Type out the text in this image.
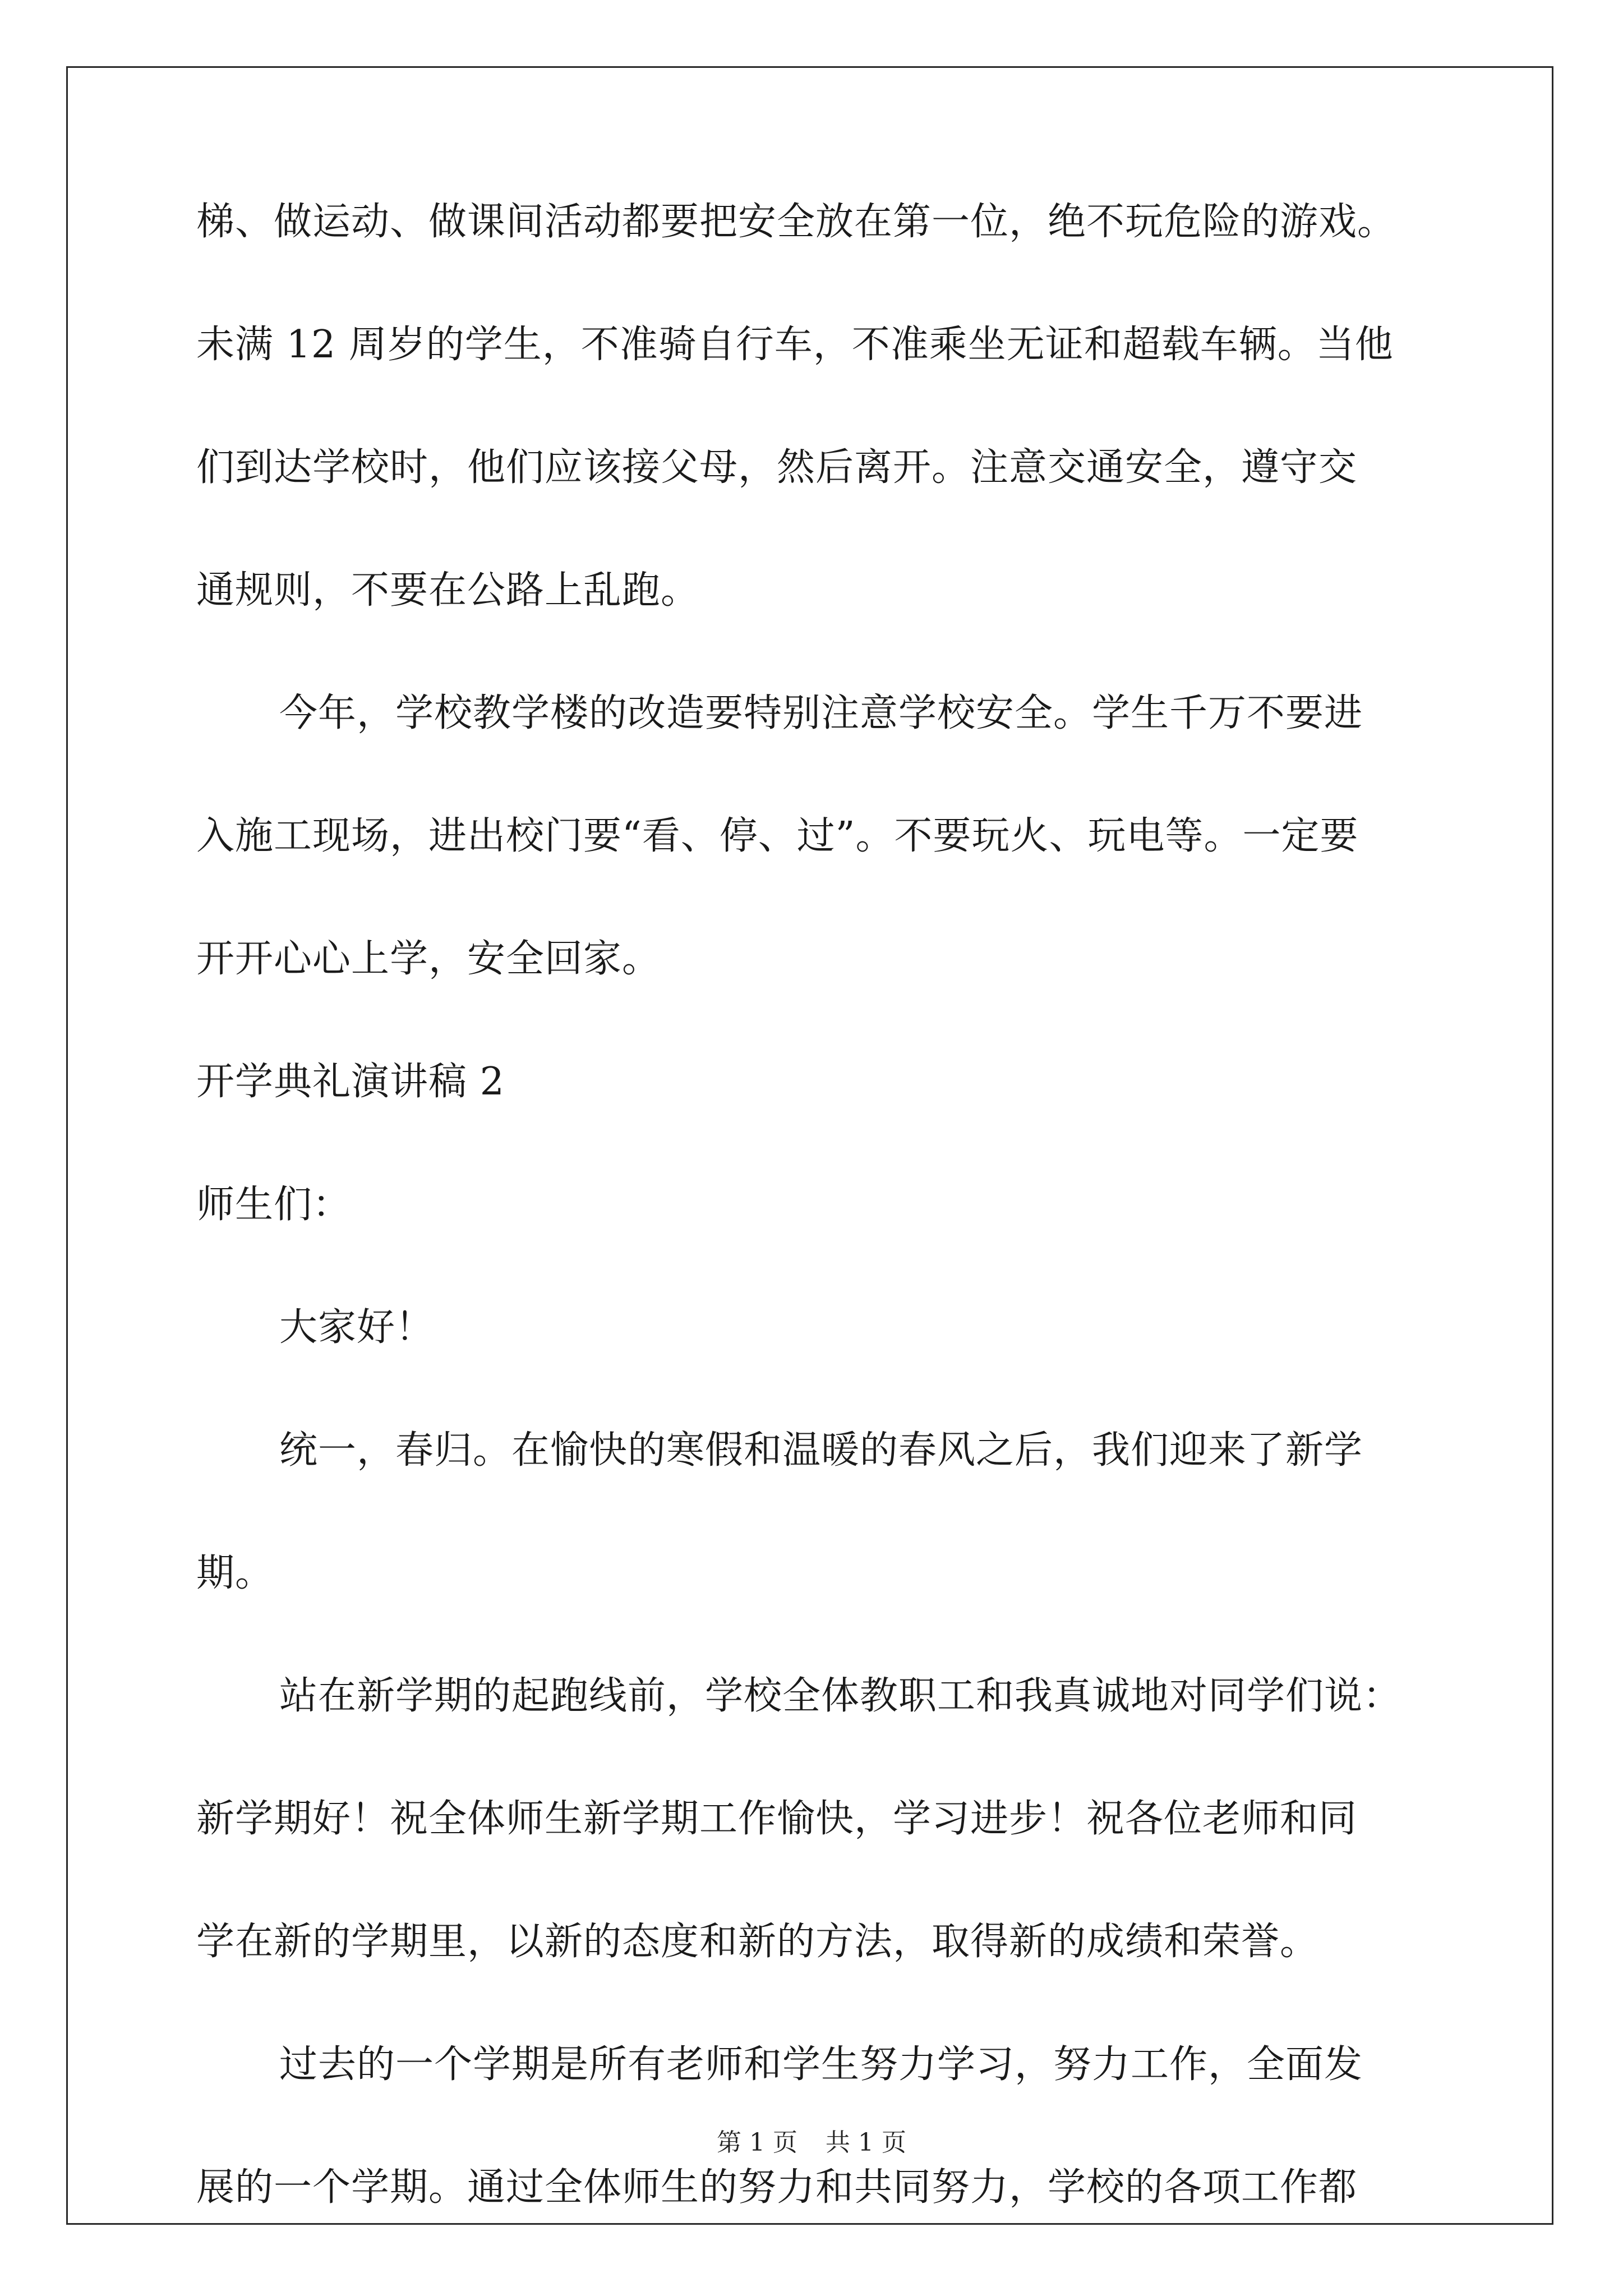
梯、做运动、做课间活动都要把安全放在第一位，绝不玩危险的游戏。
未满 12 周岁的学生，不准骑自行车，不准乘坐无证和超载车辆。当他
们到达学校时，他们应该接父母，然后离开。注意交通安全，遵守交
通规则，不要在公路上乱跑。
今年，学校教学楼的改造要特别注意学校安全。学生千万不要进
入施工现场，进出校门要“看、停、过”。不要玩火、玩电等。一定要
开开心心上学，安全回家。
开学典礼演讲稿 2
师生们：
大家好！
统一，春归。在愉快的寒假和温暖的春风之后，我们迎来了新学
期。
站在新学期的起跑线前，学校全体教职工和我真诚地对同学们说：
新学期好！祝全体师生新学期工作愉快，学习进步！祝各位老师和同
学在新的学期里，以新的态度和新的方法，取得新的成绩和荣誉。
过去的一个学期是所有老师和学生努力学习，努力工作，全面发
展的一个学期。通过全体师生的努力和共同努力，学校的各项工作都
第 1 页 共 1 页
